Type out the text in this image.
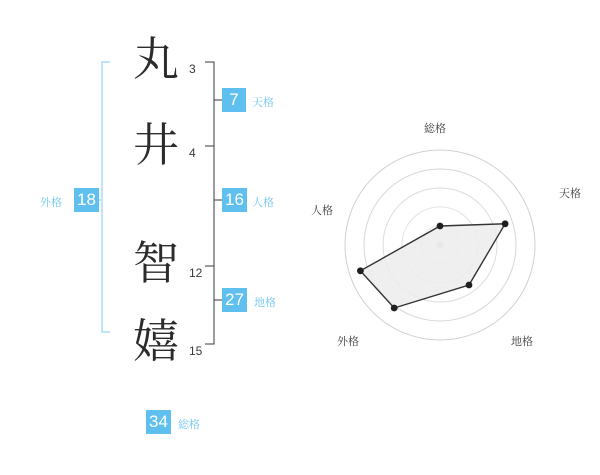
丸
井
智
嬉
3
4
12
15
7	天格
16 人格
27 地格
18
外格
34 総格
総格
天格
地格
外格
人格
